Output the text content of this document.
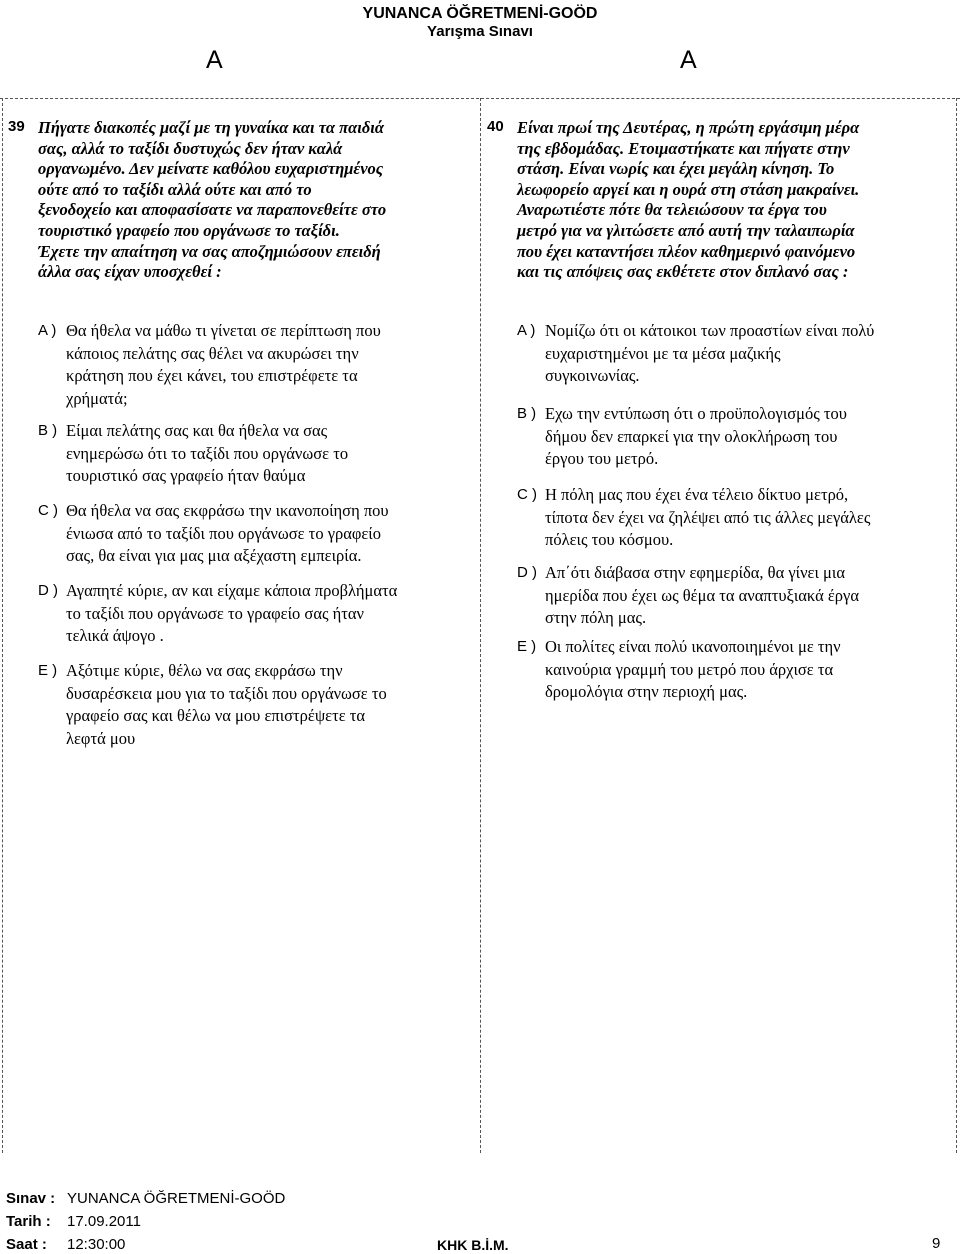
YUNANCA ÖĞRETMENİ-GOÖD
Yarışma Sınavı
A	A
39 Πήγατε διακοπές μαζί με τη γυναίκα και τα παιδιά
σας, αλλά το ταξίδι δυστυχώς δεν ήταν καλά
οργανωμένο. Δεν μείνατε καθόλου ευχαριστημένος
ούτε από το ταξίδι αλλά ούτε και από το
ξενοδοχείο και αποφασίσατε να παραπονεθείτε στο
τουριστικό γραφείο που οργάνωσε το ταξίδι.
Έχετε την απαίτηση να σας αποζημιώσουν επειδή
άλλα σας είχαν υποσχεθεί :
A ) Θα ήθελα να μάθω τι γίνεται σε περίπτωση που
κάποιος πελάτης σας θέλει να ακυρώσει την
κράτηση που έχει κάνει, του επιστρέφετε τα
χρήματά;
B ) Είμαι πελάτης σας και θα ήθελα να σας
ενημερώσω ότι το ταξίδι που οργάνωσε το
τουριστικό σας γραφείο ήταν θαύμα
C ) Θα ήθελα να σας εκφράσω την ικανοποίηση που
ένιωσα από το ταξίδι που οργάνωσε το γραφείο
σας, θα είναι για μας μια αξέχαστη εμπειρία.
D ) Αγαπητέ κύριε, αν και είχαμε κάποια προβλήματα
το ταξίδι που οργάνωσε το γραφείο σας ήταν
τελικά άψογο .
E ) Αξότιμε κύριε, θέλω να σας εκφράσω την
δυσαρέσκεια μου για το ταξίδι που οργάνωσε το
γραφείο σας και θέλω να μου επιστρέψετε τα
λεφτά μου
40 Είναι πρωί της Δευτέρας, η πρώτη εργάσιμη μέρα
της εβδομάδας. Ετοιμαστήκατε και πήγατε στην
στάση. Είναι νωρίς και έχει μεγάλη κίνηση. Το
λεωφορείο αργεί και η ουρά στη στάση μακραίνει.
Αναρωτιέστε πότε θα τελειώσουν τα έργα του
μετρό για να γλιτώσετε από αυτή την ταλαιπωρία
που έχει καταντήσει πλέον καθημερινό φαινόμενο
και τις απόψεις σας εκθέτετε στον διπλανό σας :
A ) Νομίζω ότι οι κάτοικοι των προαστίων είναι πολύ
ευχαριστημένοι με τα μέσα μαζικής
συγκοινωνίας.
B ) Εχω την εντύπωση ότι ο προϋπολογισμός του
δήμου δεν επαρκεί για την ολοκλήρωση του
έργου του μετρό.
C ) Η πόλη μας που έχει ένα τέλειο δίκτυο μετρό,
τίποτα δεν έχει να ζηλέψει από τις άλλες μεγάλες
πόλεις του κόσμου.
D ) Απ΄ότι διάβασα στην εφημερίδα, θα γίνει μια
ημερίδα που έχει ως θέμα τα αναπτυξιακά έργα
στην πόλη μας.
E ) Οι πολίτες είναι πολύ ικανοποιημένοι με την
καινούρια γραμμή του μετρό που άρχισε τα
δρομολόγια στην περιοχή μας.
Sınav : YUNANCA ÖĞRETMENİ-GOÖD
Tarih : 17.09.2011
Saat : 12:30:00	KHK B.İ.M.	9
